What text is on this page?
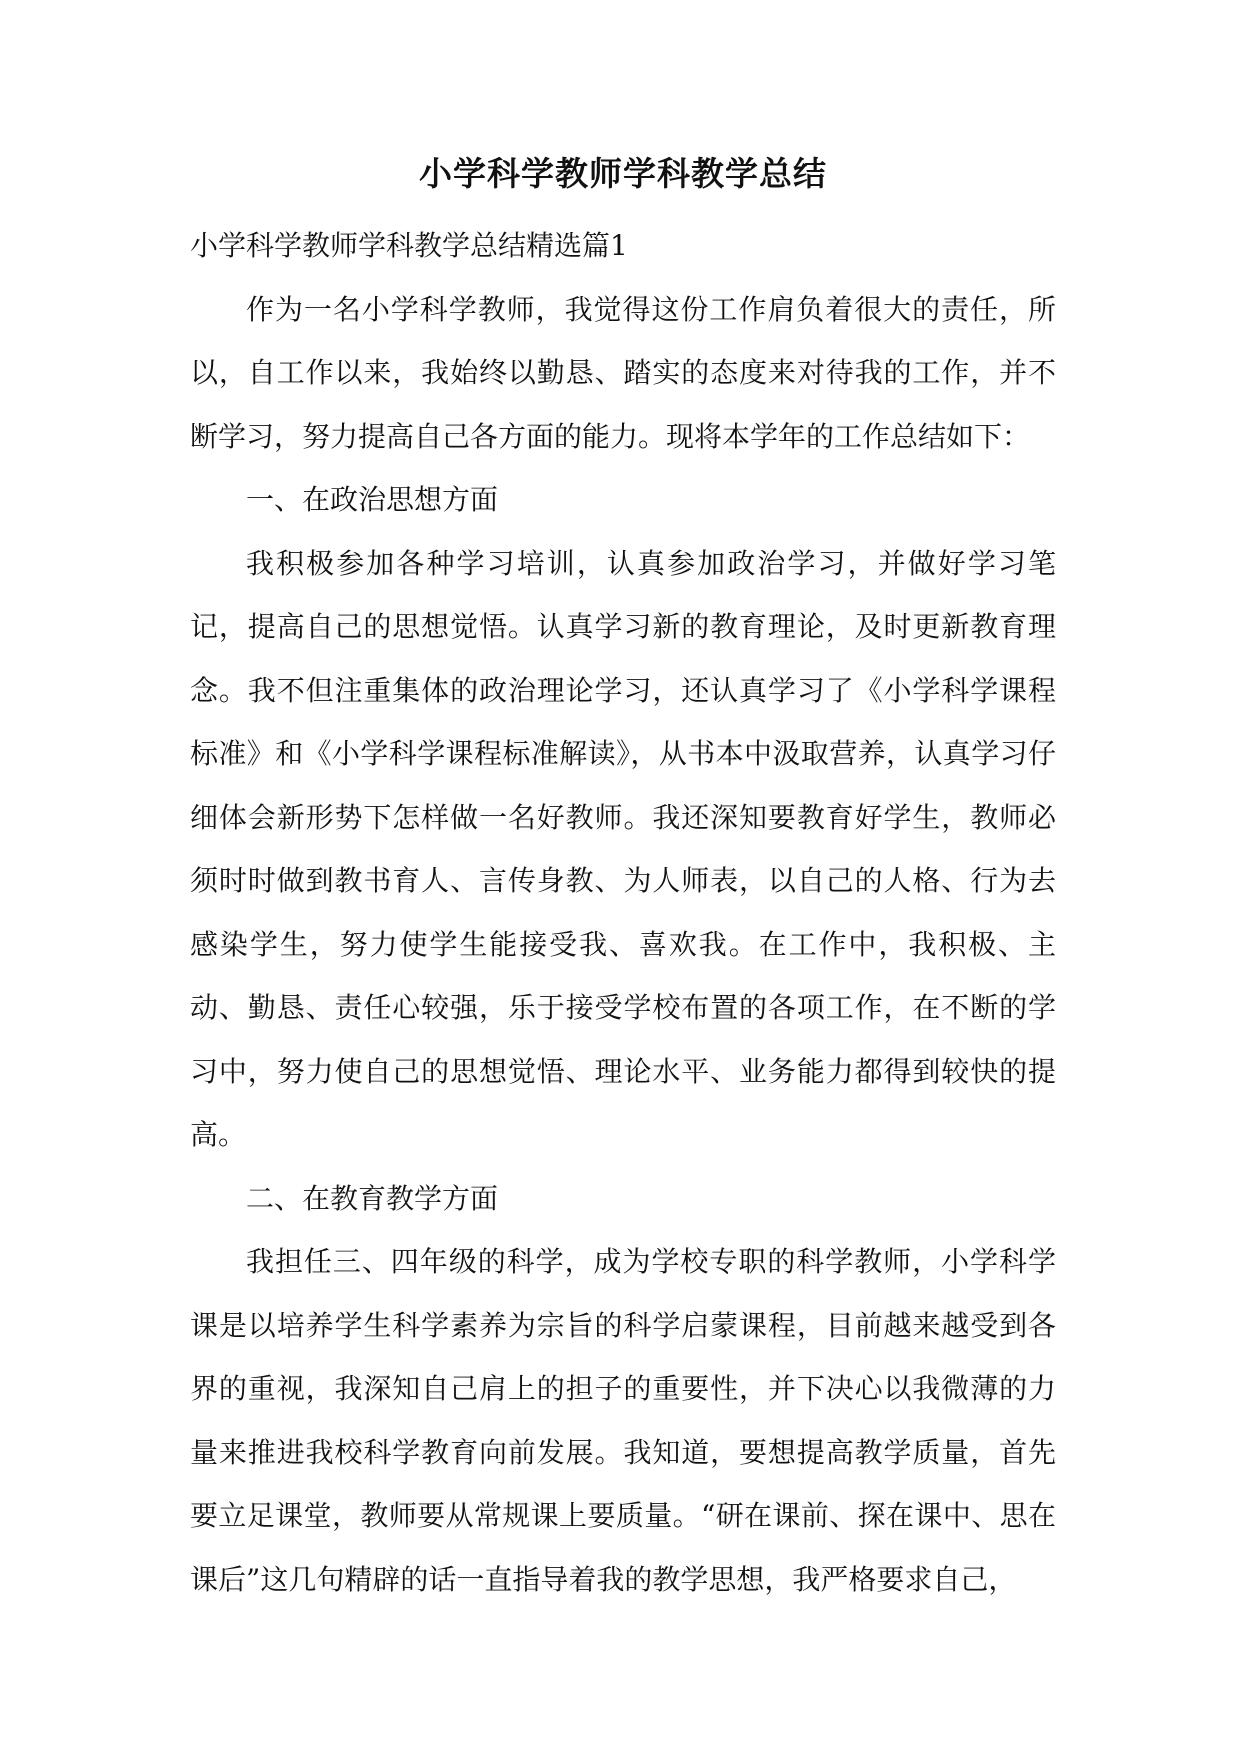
小学科学教师学科教学总结

小学科学教师学科教学总结精选篇1

作为一名小学科学教师，我觉得这份工作肩负着很大的责任，所以，自工作以来，我始终以勤恳、踏实的态度来对待我的工作，并不断学习，努力提高自己各方面的能力。现将本学年的工作总结如下：

一、在政治思想方面

我积极参加各种学习培训，认真参加政治学习，并做好学习笔记，提高自己的思想觉悟。认真学习新的教育理论，及时更新教育理念。我不但注重集体的政治理论学习，还认真学习了《小学科学课程标准》和《小学科学课程标准解读》，从书本中汲取营养，认真学习仔细体会新形势下怎样做一名好教师。我还深知要教育好学生，教师必须时时做到教书育人、言传身教、为人师表，以自己的人格、行为去感染学生，努力使学生能接受我、喜欢我。在工作中，我积极、主动、勤恳、责任心较强，乐于接受学校布置的各项工作，在不断的学习中，努力使自己的思想觉悟、理论水平、业务能力都得到较快的提高。

二、在教育教学方面

我担任三、四年级的科学，成为学校专职的科学教师，小学科学课是以培养学生科学素养为宗旨的科学启蒙课程，目前越来越受到各界的重视，我深知自己肩上的担子的重要性，并下决心以我微薄的力量来推进我校科学教育向前发展。我知道，要想提高教学质量，首先要立足课堂，教师要从常规课上要质量。“研在课前、探在课中、思在课后”这几句精辟的话一直指导着我的教学思想，我严格要求自己，
